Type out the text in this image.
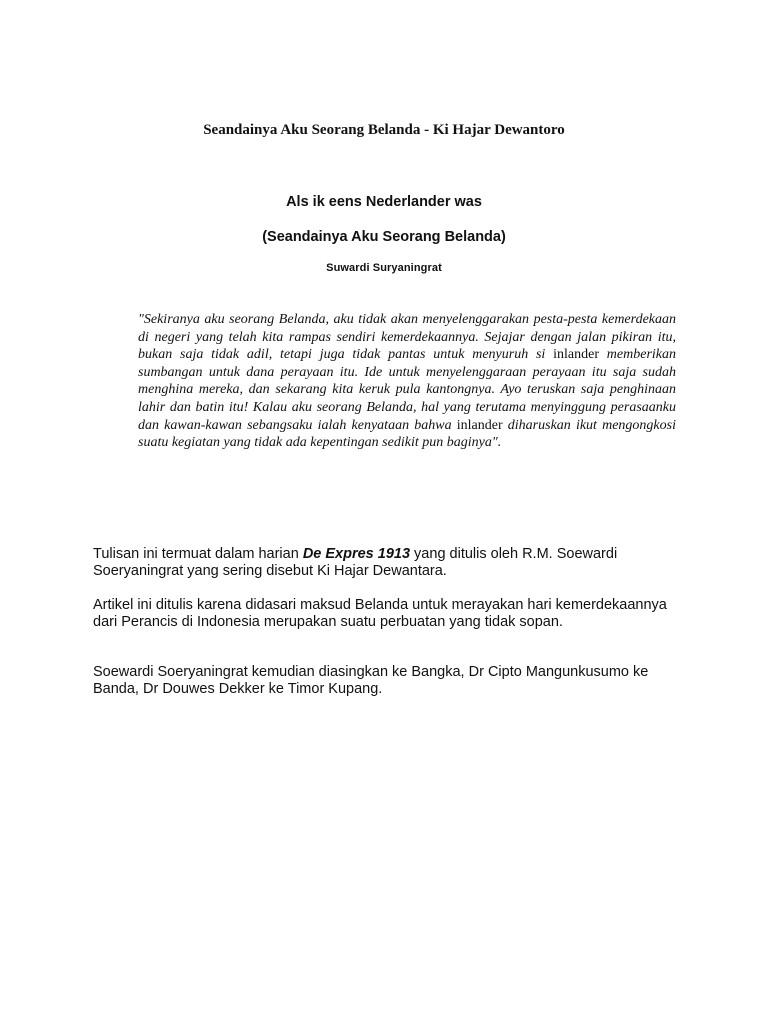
Seandainya Aku Seorang Belanda - Ki Hajar Dewantoro
Als ik eens Nederlander was
(Seandainya Aku Seorang Belanda)
Suwardi Suryaningrat

"Sekiranya aku seorang Belanda, aku tidak akan menyelenggarakan pesta-pesta kemerdekaan di negeri yang telah kita rampas sendiri kemerdekaannya. Sejajar dengan jalan pikiran itu, bukan saja tidak adil, tetapi juga tidak pantas untuk menyuruh si inlander memberikan sumbangan untuk dana perayaan itu. Ide untuk menyelenggaraan perayaan itu saja sudah menghina mereka, dan sekarang kita keruk pula kantongnya. Ayo teruskan saja penghinaan lahir dan batin itu! Kalau aku seorang Belanda, hal yang terutama menyinggung perasaanku dan kawan-kawan sebangsaku ialah kenyataan bahwa inlander diharuskan ikut mengongkosi suatu kegiatan yang tidak ada kepentingan sedikit pun baginya".

Tulisan ini termuat dalam harian De Expres 1913 yang ditulis oleh R.M. Soewardi Soeryaningrat yang sering disebut Ki Hajar Dewantara.

Artikel ini ditulis karena didasari maksud Belanda untuk merayakan hari kemerdekaannya dari Perancis di Indonesia merupakan suatu perbuatan yang tidak sopan.

Soewardi Soeryaningrat kemudian diasingkan ke Bangka, Dr Cipto Mangunkusumo ke Banda, Dr Douwes Dekker ke Timor Kupang.
